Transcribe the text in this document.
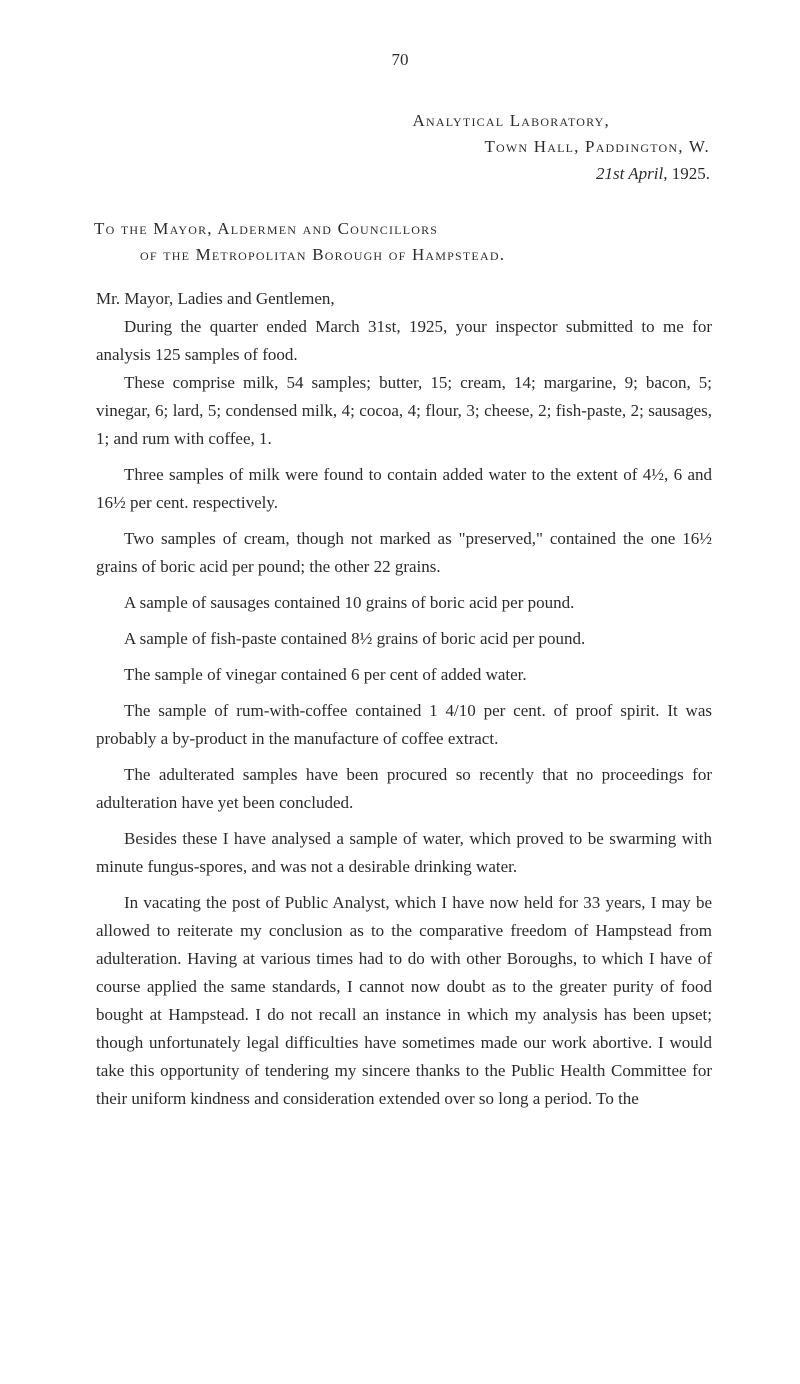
70
Analytical Laboratory,
Town Hall, Paddington, W.
21st April, 1925.
To the Mayor, Aldermen and Councillors
of the Metropolitan Borough of Hampstead.

Mr. Mayor, Ladies and Gentlemen,

During the quarter ended March 31st, 1925, your inspector submitted to me for analysis 125 samples of food.

These comprise milk, 54 samples; butter, 15; cream, 14; margarine, 9; bacon, 5; vinegar, 6; lard, 5; condensed milk, 4; cocoa, 4; flour, 3; cheese, 2; fish-paste, 2; sausages, 1; and rum with coffee, 1.

Three samples of milk were found to contain added water to the extent of 4½, 6 and 16½ per cent. respectively.

Two samples of cream, though not marked as "preserved," contained the one 16½ grains of boric acid per pound; the other 22 grains.

A sample of sausages contained 10 grains of boric acid per pound.

A sample of fish-paste contained 8½ grains of boric acid per pound.

The sample of vinegar contained 6 per cent of added water.

The sample of rum-with-coffee contained 1 4/10 per cent. of proof spirit. It was probably a by-product in the manufacture of coffee extract.

The adulterated samples have been procured so recently that no proceedings for adulteration have yet been concluded.

Besides these I have analysed a sample of water, which proved to be swarming with minute fungus-spores, and was not a desirable drinking water.

In vacating the post of Public Analyst, which I have now held for 33 years, I may be allowed to reiterate my conclusion as to the comparative freedom of Hampstead from adulteration. Having at various times had to do with other Boroughs, to which I have of course applied the same standards, I cannot now doubt as to the greater purity of food bought at Hampstead. I do not recall an instance in which my analysis has been upset; though unfortunately legal difficulties have sometimes made our work abortive. I would take this opportunity of tendering my sincere thanks to the Public Health Committee for their uniform kindness and consideration extended over so long a period. To the
